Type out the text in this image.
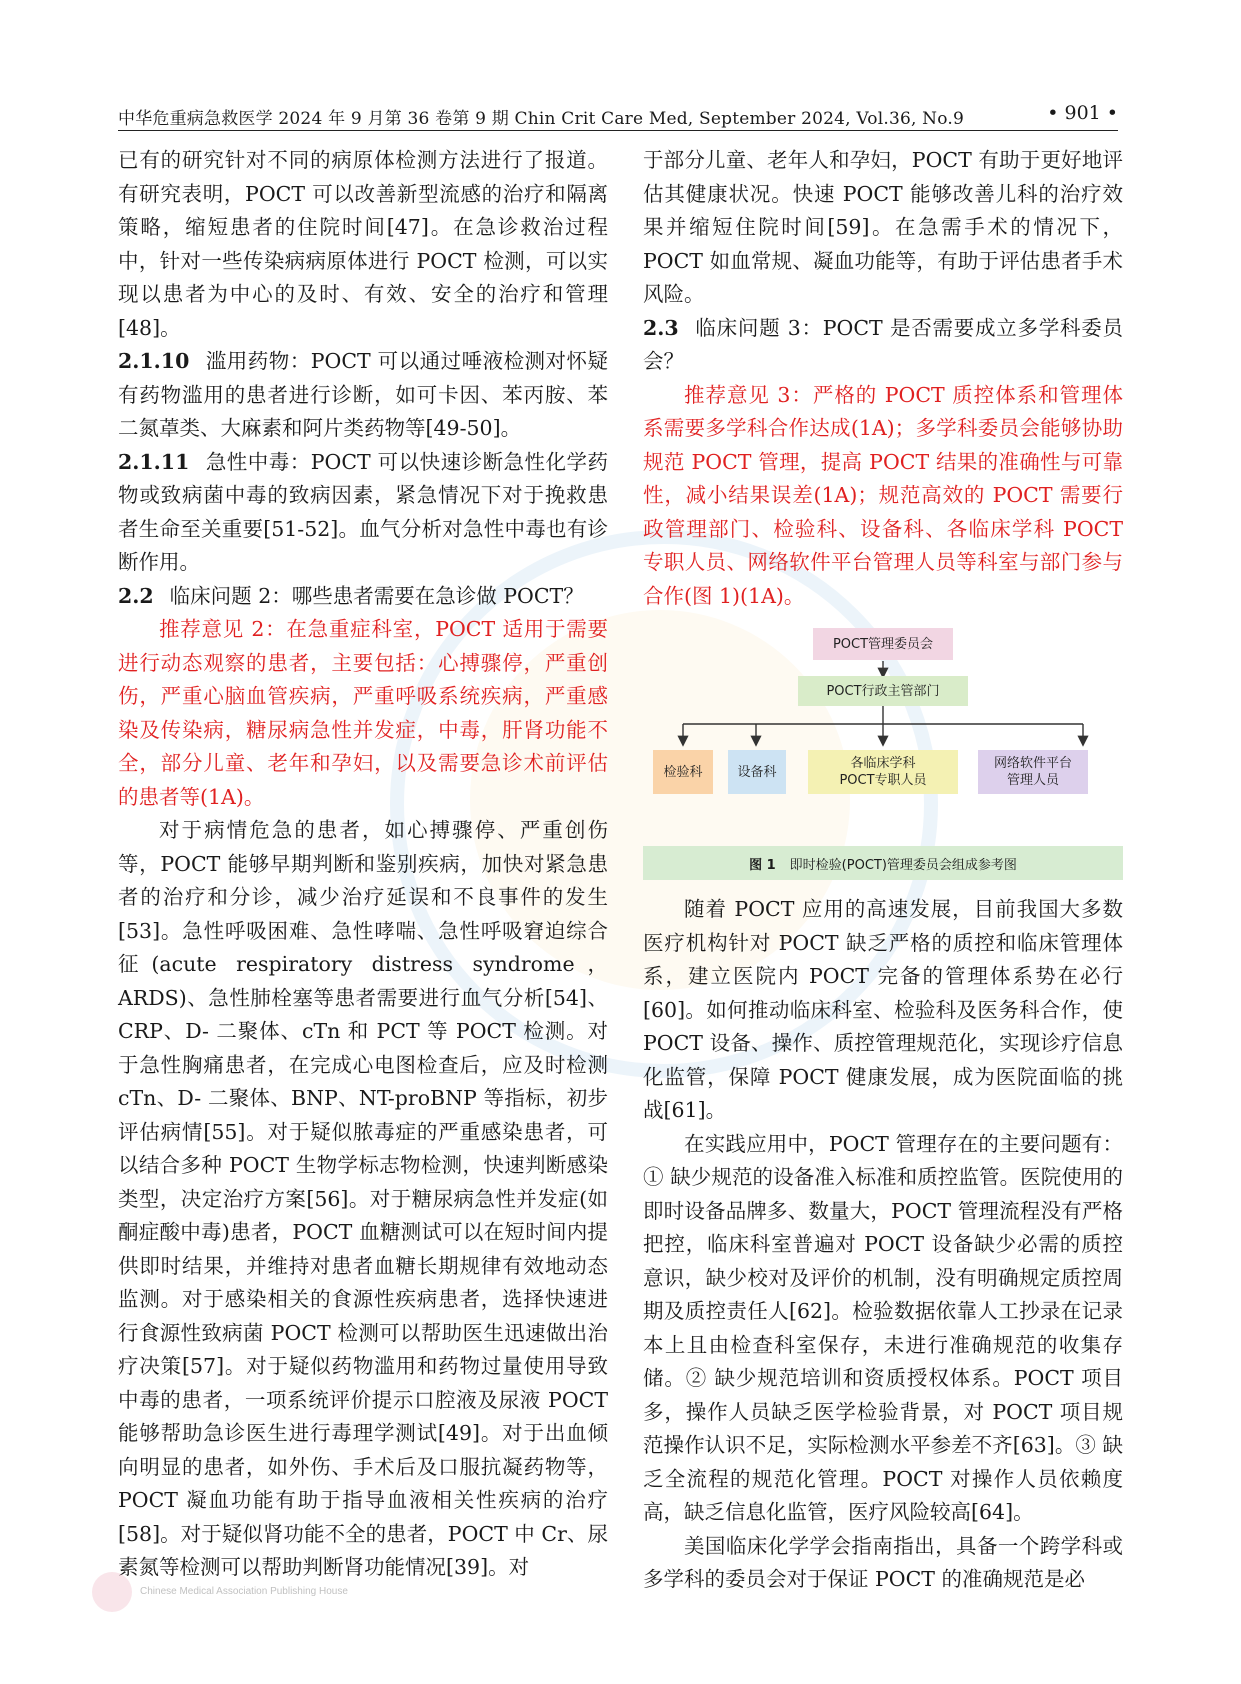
中华危重病急救医学 2024 年 9 月第 36 卷第 9 期 Chin Crit Care Med, September 2024, Vol.36, No.9	• 901 •

已有的研究针对不同的病原体检测方法进行了报道。有研究表明，POCT 可以改善新型流感的治疗和隔离策略，缩短患者的住院时间[47]。在急诊救治过程中，针对一些传染病病原体进行 POCT 检测，可以实现以患者为中心的及时、有效、安全的治疗和管理[48]。

2.1.10 滥用药物：POCT 可以通过唾液检测对怀疑有药物滥用的患者进行诊断，如可卡因、苯丙胺、苯二氮䓬类、大麻素和阿片类药物等[49-50]。

2.1.11 急性中毒：POCT 可以快速诊断急性化学药物或致病菌中毒的致病因素，紧急情况下对于挽救患者生命至关重要[51-52]。血气分析对急性中毒也有诊断作用。

2.2 临床问题 2：哪些患者需要在急诊做 POCT？

推荐意见 2：在急重症科室，POCT 适用于需要进行动态观察的患者，主要包括：心搏骤停，严重创伤，严重心脑血管疾病，严重呼吸系统疾病，严重感染及传染病，糖尿病急性并发症，中毒，肝肾功能不全，部分儿童、老年和孕妇，以及需要急诊术前评估的患者等(1A)。

对于病情危急的患者，如心搏骤停、严重创伤等，POCT 能够早期判断和鉴别疾病，加快对紧急患者的治疗和分诊，减少治疗延误和不良事件的发生[53]。急性呼吸困难、急性哮喘、急性呼吸窘迫综合征(acute respiratory distress syndrome，ARDS)、急性肺栓塞等患者需要进行血气分析[54]、CRP、D- 二聚体、cTn 和 PCT 等 POCT 检测。对于急性胸痛患者，在完成心电图检查后，应及时检测 cTn、D- 二聚体、BNP、NT-proBNP 等指标，初步评估病情[55]。对于疑似脓毒症的严重感染患者，可以结合多种 POCT 生物学标志物检测，快速判断感染类型，决定治疗方案[56]。对于糖尿病急性并发症(如酮症酸中毒)患者，POCT 血糖测试可以在短时间内提供即时结果，并维持对患者血糖长期规律有效地动态监测。对于感染相关的食源性疾病患者，选择快速进行食源性致病菌 POCT 检测可以帮助医生迅速做出治疗决策[57]。对于疑似药物滥用和药物过量使用导致中毒的患者，一项系统评价提示口腔液及尿液 POCT 能够帮助急诊医生进行毒理学测试[49]。对于出血倾向明显的患者，如外伤、手术后及口服抗凝药物等，POCT 凝血功能有助于指导血液相关性疾病的治疗[58]。对于疑似肾功能不全的患者，POCT 中 Cr、尿素氮等检测可以帮助判断肾功能情况[39]。对

于部分儿童、老年人和孕妇，POCT 有助于更好地评估其健康状况。快速 POCT 能够改善儿科的治疗效果并缩短住院时间[59]。在急需手术的情况下，POCT 如血常规、凝血功能等，有助于评估患者手术风险。

2.3 临床问题 3：POCT 是否需要成立多学科委员会？

推荐意见 3：严格的 POCT 质控体系和管理体系需要多学科合作达成(1A)；多学科委员会能够协助规范 POCT 管理，提高 POCT 结果的准确性与可靠性，减小结果误差(1A)；规范高效的 POCT 需要行政管理部门、检验科、设备科、各临床学科 POCT 专职人员、网络软件平台管理人员等科室与部门参与合作(图 1)(1A)。

POCT管理委员会
POCT行政主管部门
检验科	设备科
各临床学科
POCT专职人员
网络软件平台
管理人员
图 1 即时检验(POCT)管理委员会组成参考图

随着 POCT 应用的高速发展，目前我国大多数医疗机构针对 POCT 缺乏严格的质控和临床管理体系，建立医院内 POCT 完备的管理体系势在必行[60]。如何推动临床科室、检验科及医务科合作，使 POCT 设备、操作、质控管理规范化，实现诊疗信息化监管，保障 POCT 健康发展，成为医院面临的挑战[61]。

在实践应用中，POCT 管理存在的主要问题有：① 缺少规范的设备准入标准和质控监管。医院使用的即时设备品牌多、数量大，POCT 管理流程没有严格把控，临床科室普遍对 POCT 设备缺少必需的质控意识，缺少校对及评价的机制，没有明确规定质控周期及质控责任人[62]。检验数据依靠人工抄录在记录本上且由检查科室保存，未进行准确规范的收集存储。② 缺少规范培训和资质授权体系。POCT 项目多，操作人员缺乏医学检验背景，对 POCT 项目规范操作认识不足，实际检测水平参差不齐[63]。③ 缺乏全流程的规范化管理。POCT 对操作人员依赖度高，缺乏信息化监管，医疗风险较高[64]。

美国临床化学学会指南指出，具备一个跨学科或多学科的委员会对于保证 POCT 的准确规范是必

Chinese Medical Association Publishing House
